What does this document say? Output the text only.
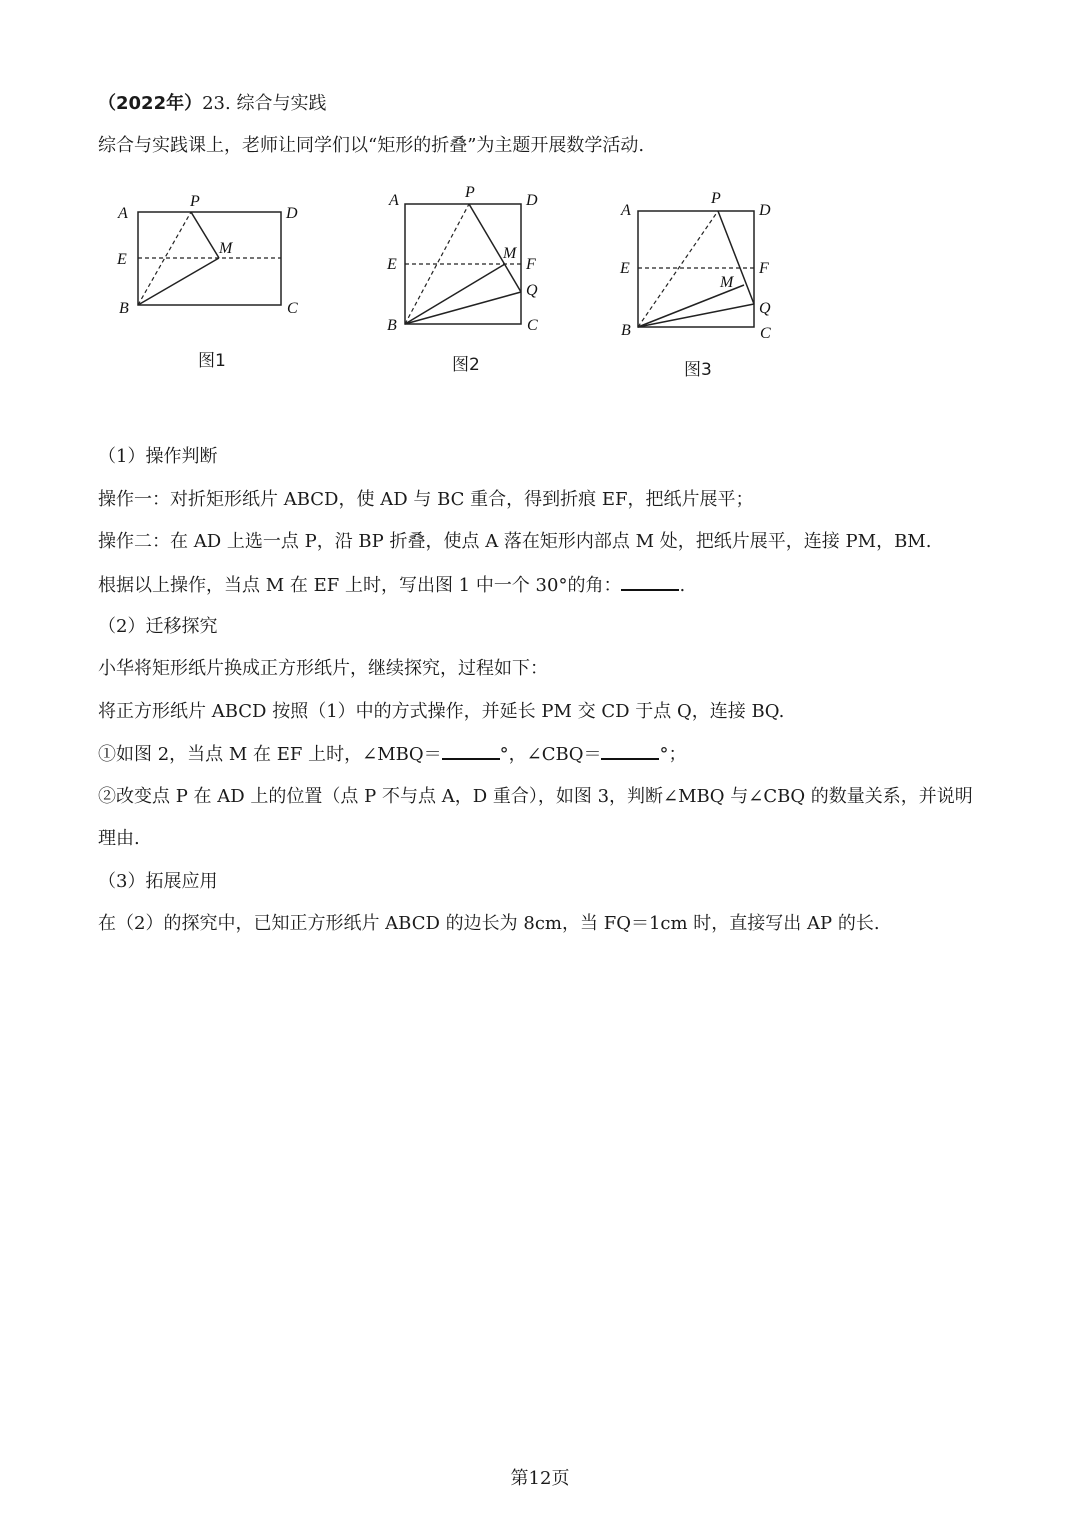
（2022年）23. 综合与实践
综合与实践课上，老师让同学们以“矩形的折叠”为主题开展数学活动.
A
P
D
E
M
B	C
图1
A	P	D
E
M
F
Q
B	C
图2
A
P
D
E	F
M
Q
B	C
图3
（1）操作判断
操作一：对折矩形纸片 ABCD，使 AD 与 BC 重合，得到折痕 EF，把纸片展平；
操作二：在 AD 上选一点 P，沿 BP 折叠，使点 A 落在矩形内部点 M 处，把纸片展平，连接 PM，BM.
根据以上操作，当点 M 在 EF 上时，写出图 1 中一个 30°的角：	.
（2）迁移探究
小华将矩形纸片换成正方形纸片，继续探究，过程如下：
将正方形纸片 ABCD 按照（1）中的方式操作，并延长 PM 交 CD 于点 Q，连接 BQ.
①如图 2，当点 M 在 EF 上时，∠MBQ＝	°，∠CBQ＝	°；
②改变点 P 在 AD 上的位置（点 P 不与点 A，D 重合），如图 3，判断∠MBQ 与∠CBQ 的数量关系，并说明
理由.
（3）拓展应用
在（2）的探究中，已知正方形纸片 ABCD 的边长为 8cm，当 FQ＝1cm 时，直接写出 AP 的长.
第12页
